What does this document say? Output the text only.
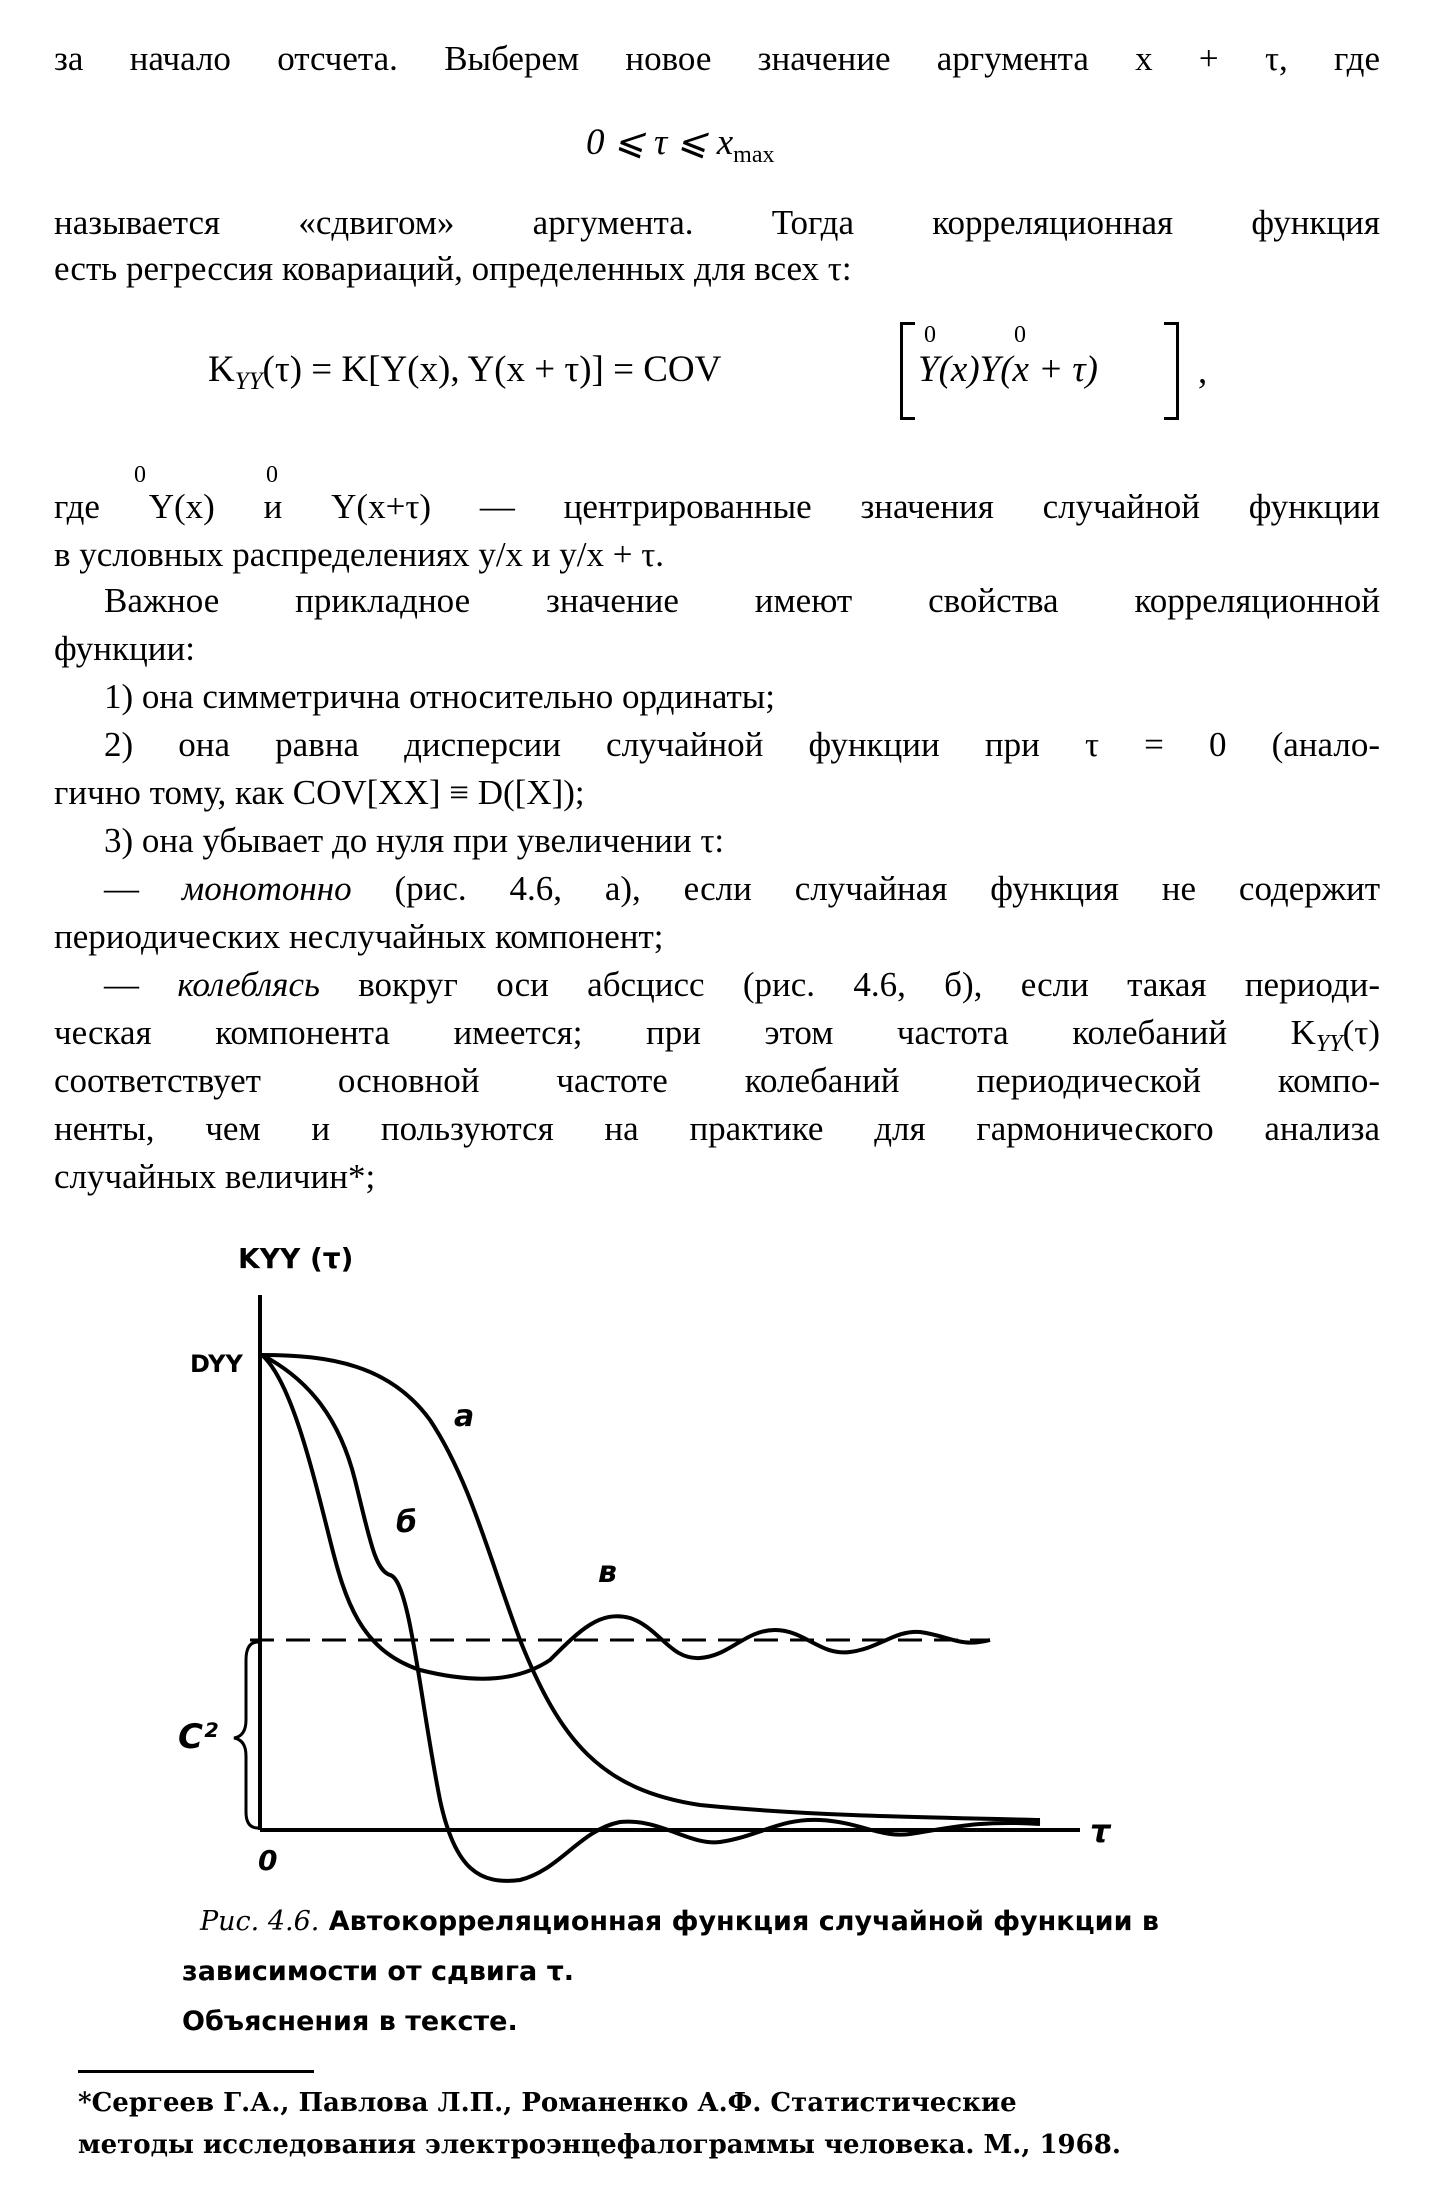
за начало отсчета. Выберем новое значение аргумента x + τ, где
0 ⩽ τ ⩽ $x_{max}$
называется «сдвигом» аргумента. Тогда корреляционная функция
есть регрессия ковариаций, определенных для всех τ:
$K_{YY}(\tau) = K[Y(x)$, Y(x + τ)] = COV	Y(x)Y(x + τ)	,
0	0
0	0
где Y(x) и Y(x+τ) — центрированные значения случайной функции
в условных распределениях y/x и y/x + τ.
Важное прикладное значение имеют свойства корреляционной
функции:
1) она симметрична относительно ординаты;
2) она равна дисперсии случайной функции при τ = 0 (анало-
гично тому, как COV[XX] ≡ D([X]);
3) она убывает до нуля при увеличении τ:
— монотонно (рис. 4.6, а), если случайная функция не содержит
периодических неслучайных компонент;
— колеблясь вокруг оси абсцисс (рис. 4.6, б), если такая периоди-
ческая компонента имеется; при этом частота колебаний $K_{YY}(\tau)$
соответствует основной частоте колебаний периодической компо-
ненты, чем и пользуются на практике для гармонического анализа
случайных величин*;
KYY (τ)
DYY
0
τ
C²
а
б
в
Рис. 4.6. Автокорреляционная функция случайной функции в
зависимости от сдвига τ.
Объяснения в тексте.
*Сергеев Г.А., Павлова Л.П., Романенко А.Ф. Статистические
методы исследования электроэнцефалограммы человека. М., 1968.
